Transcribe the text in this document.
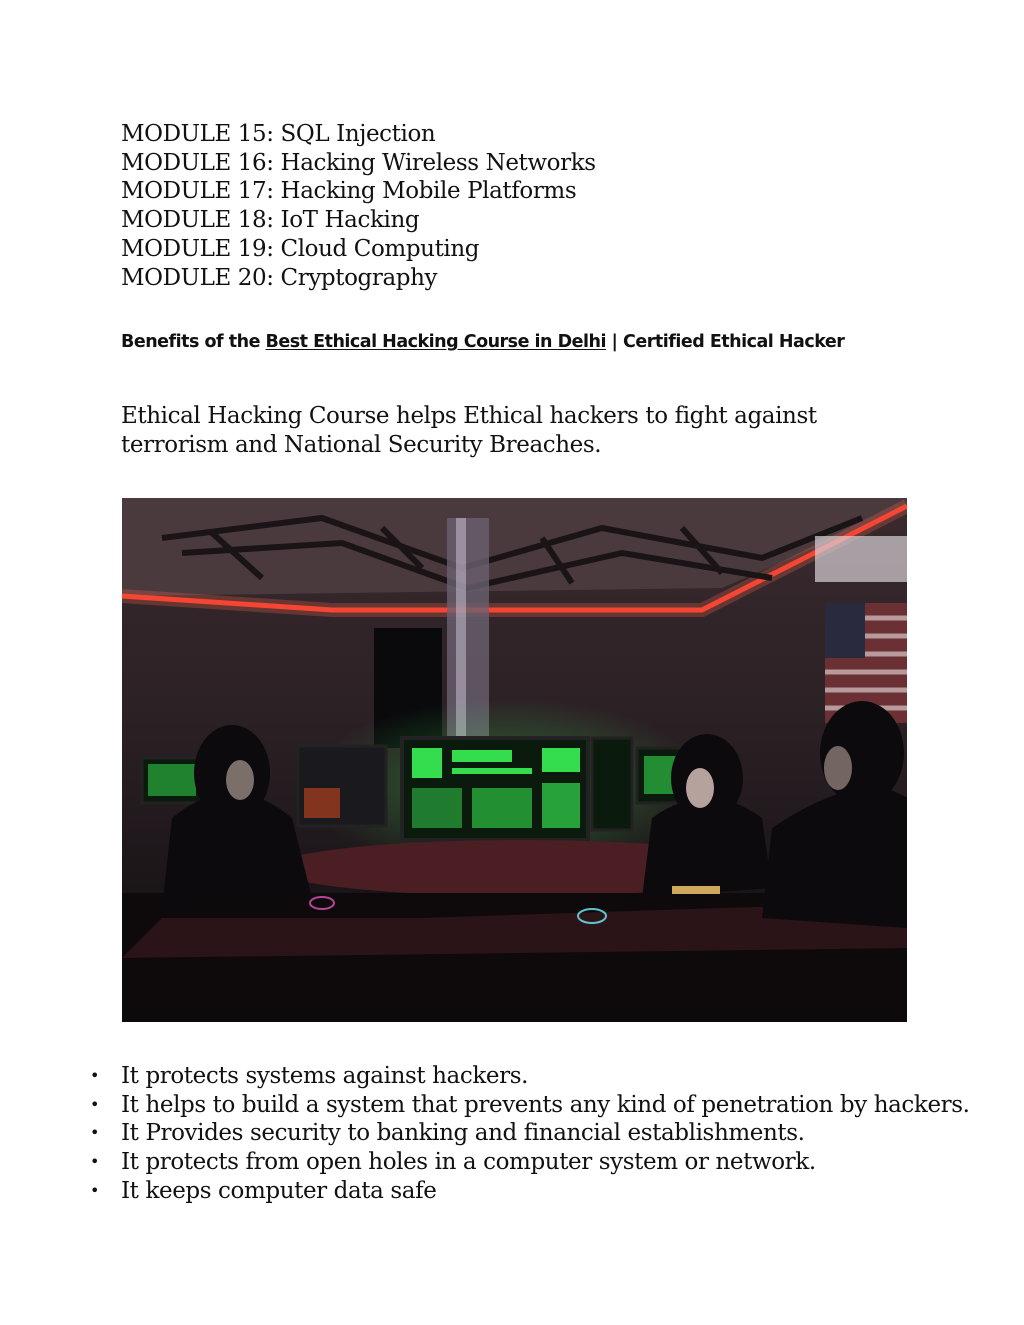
MODULE 15: SQL Injection
MODULE 16: Hacking Wireless Networks
MODULE 17: Hacking Mobile Platforms
MODULE 18: IoT Hacking
MODULE 19: Cloud Computing
MODULE 20: Cryptography
Benefits of the Best Ethical Hacking Course in Delhi | Certified Ethical Hacker
Ethical Hacking Course helps Ethical hackers to fight against terrorism and National Security Breaches.
• It protects systems against hackers.
• It helps to build a system that prevents any kind of penetration by hackers.
• It Provides security to banking and financial establishments.
• It protects from open holes in a computer system or network.
• It keeps computer data safe
